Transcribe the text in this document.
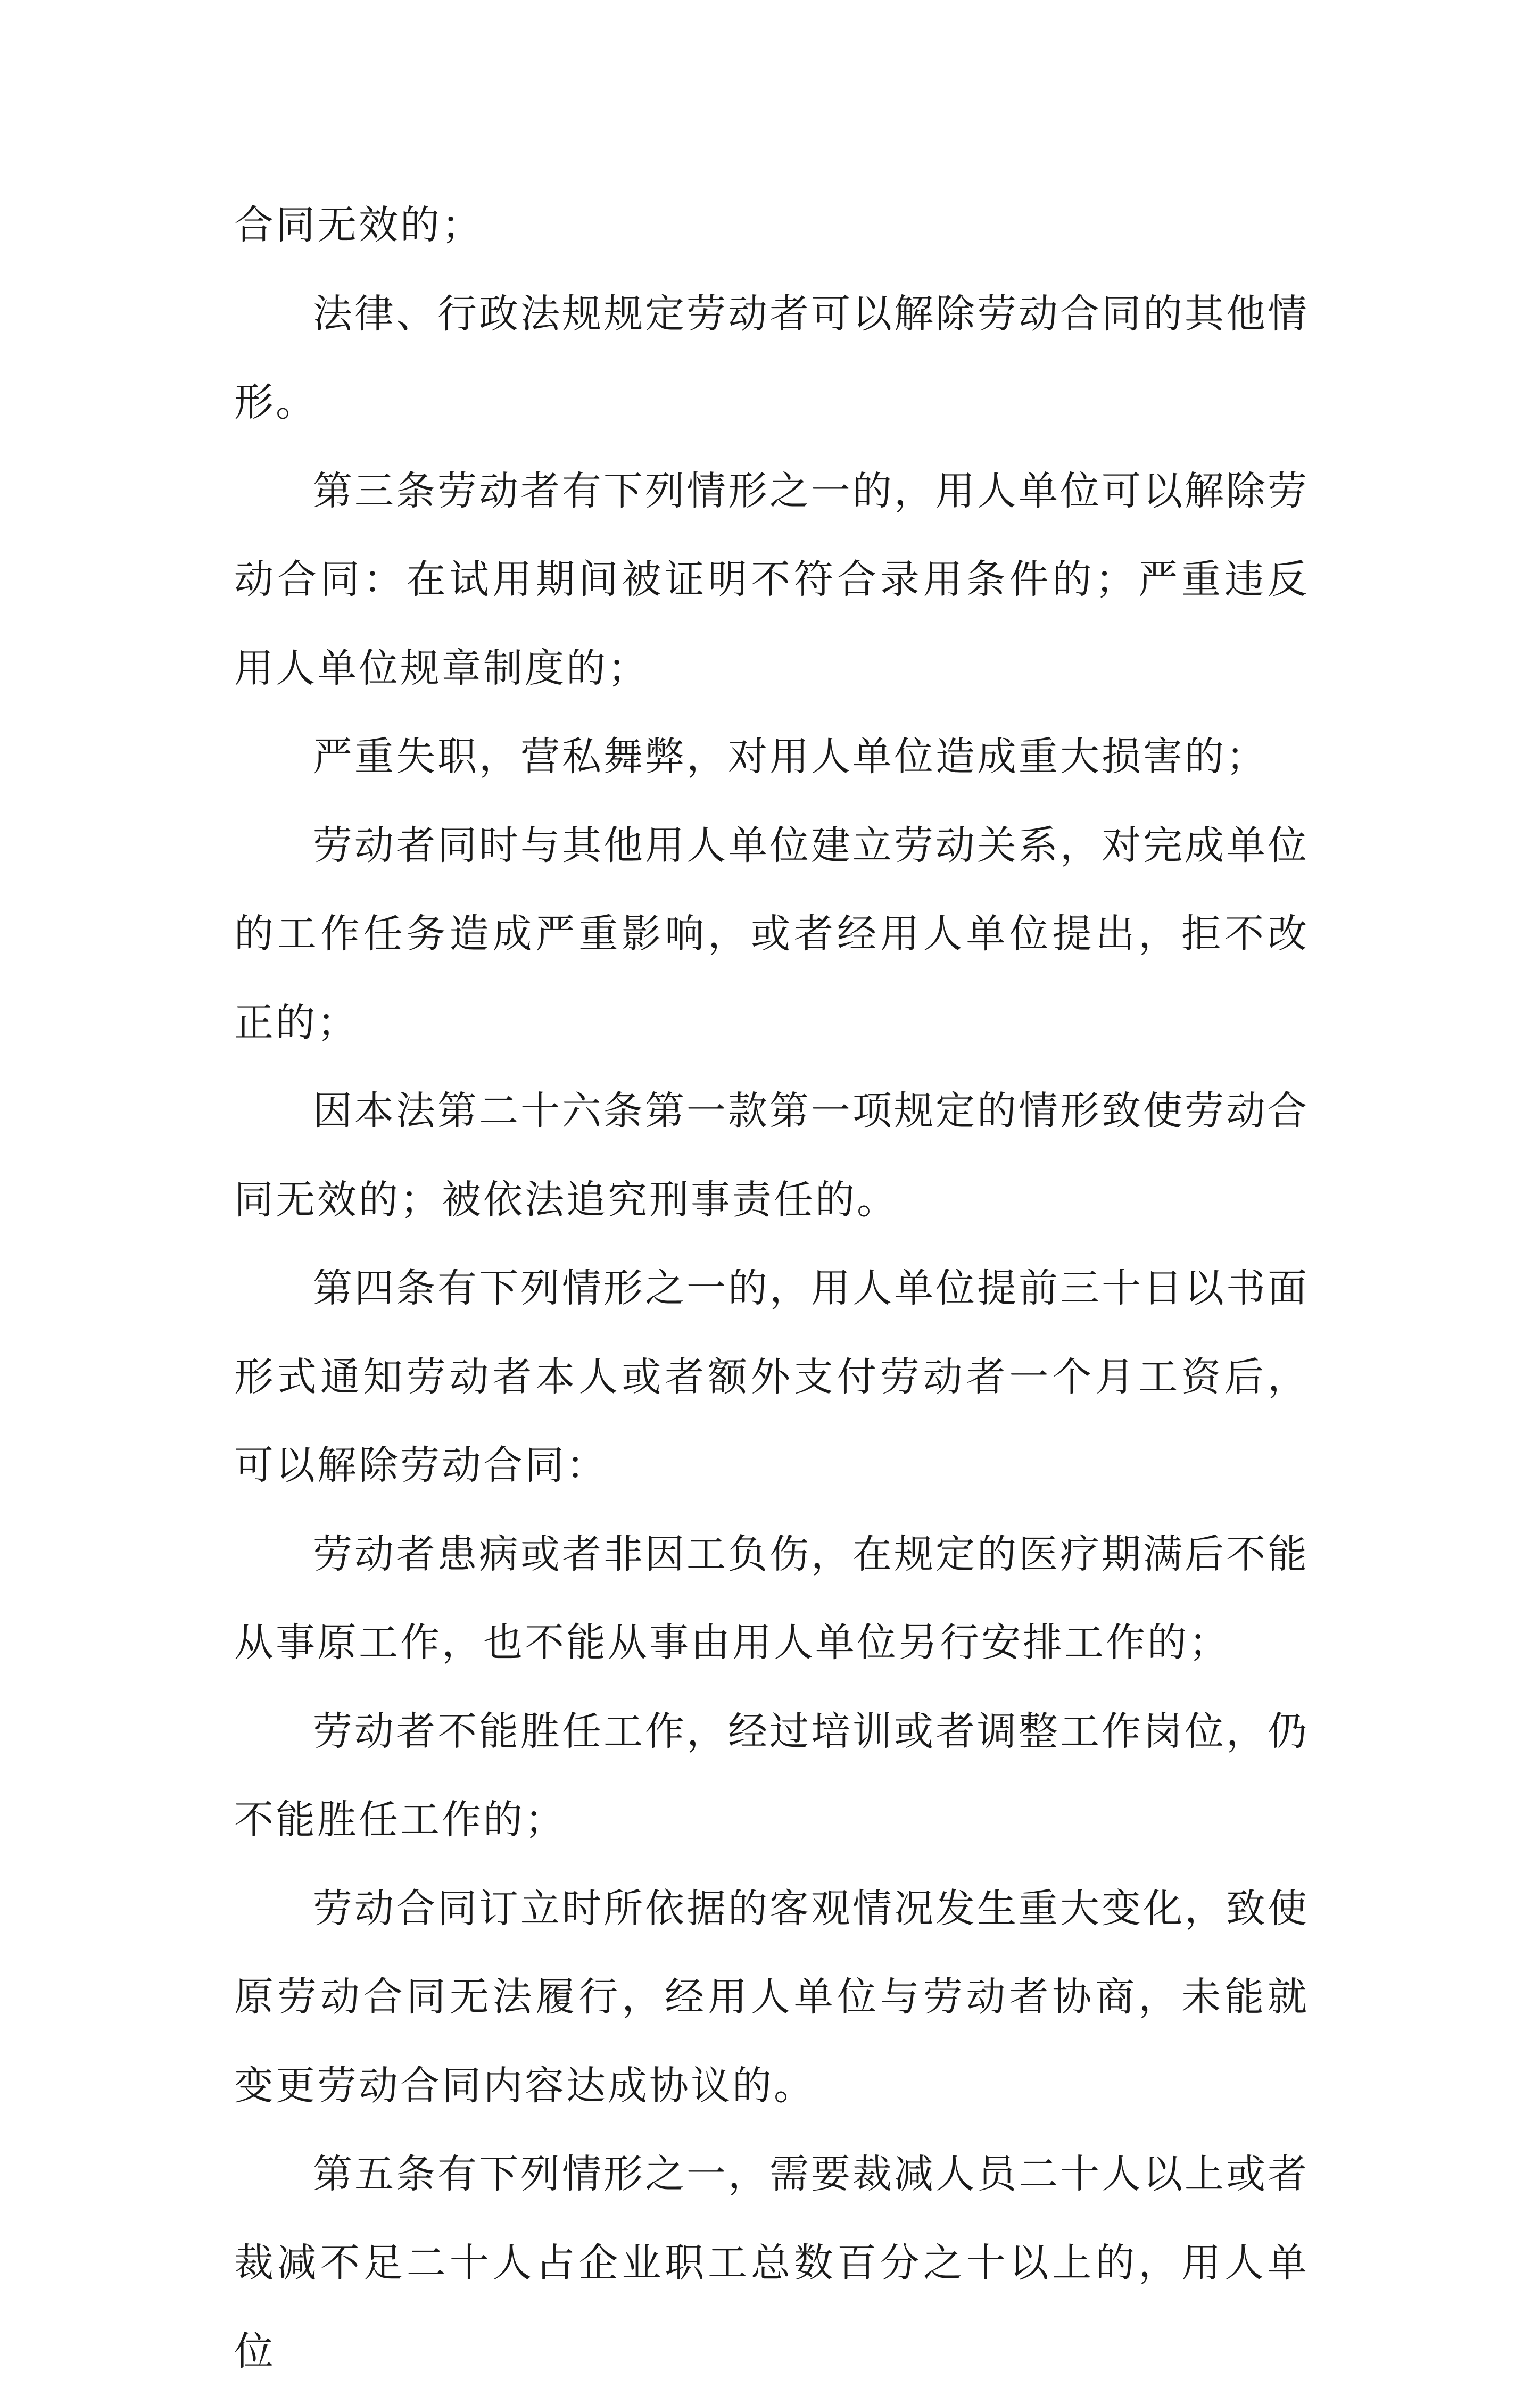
合同无效的；

法律、行政法规规定劳动者可以解除劳动合同的其他情形。

第三条劳动者有下列情形之一的，用人单位可以解除劳动合同：在试用期间被证明不符合录用条件的；严重违反用人单位规章制度的；

严重失职，营私舞弊，对用人单位造成重大损害的；

劳动者同时与其他用人单位建立劳动关系，对完成单位的工作任务造成严重影响，或者经用人单位提出，拒不改正的；

因本法第二十六条第一款第一项规定的情形致使劳动合同无效的；被依法追究刑事责任的。

第四条有下列情形之一的，用人单位提前三十日以书面形式通知劳动者本人或者额外支付劳动者一个月工资后，可以解除劳动合同：

劳动者患病或者非因工负伤，在规定的医疗期满后不能从事原工作，也不能从事由用人单位另行安排工作的；

劳动者不能胜任工作，经过培训或者调整工作岗位，仍不能胜任工作的；

劳动合同订立时所依据的客观情况发生重大变化，致使原劳动合同无法履行，经用人单位与劳动者协商，未能就变更劳动合同内容达成协议的。

第五条有下列情形之一，需要裁减人员二十人以上或者裁减不足二十人占企业职工总数百分之十以上的，用人单位
